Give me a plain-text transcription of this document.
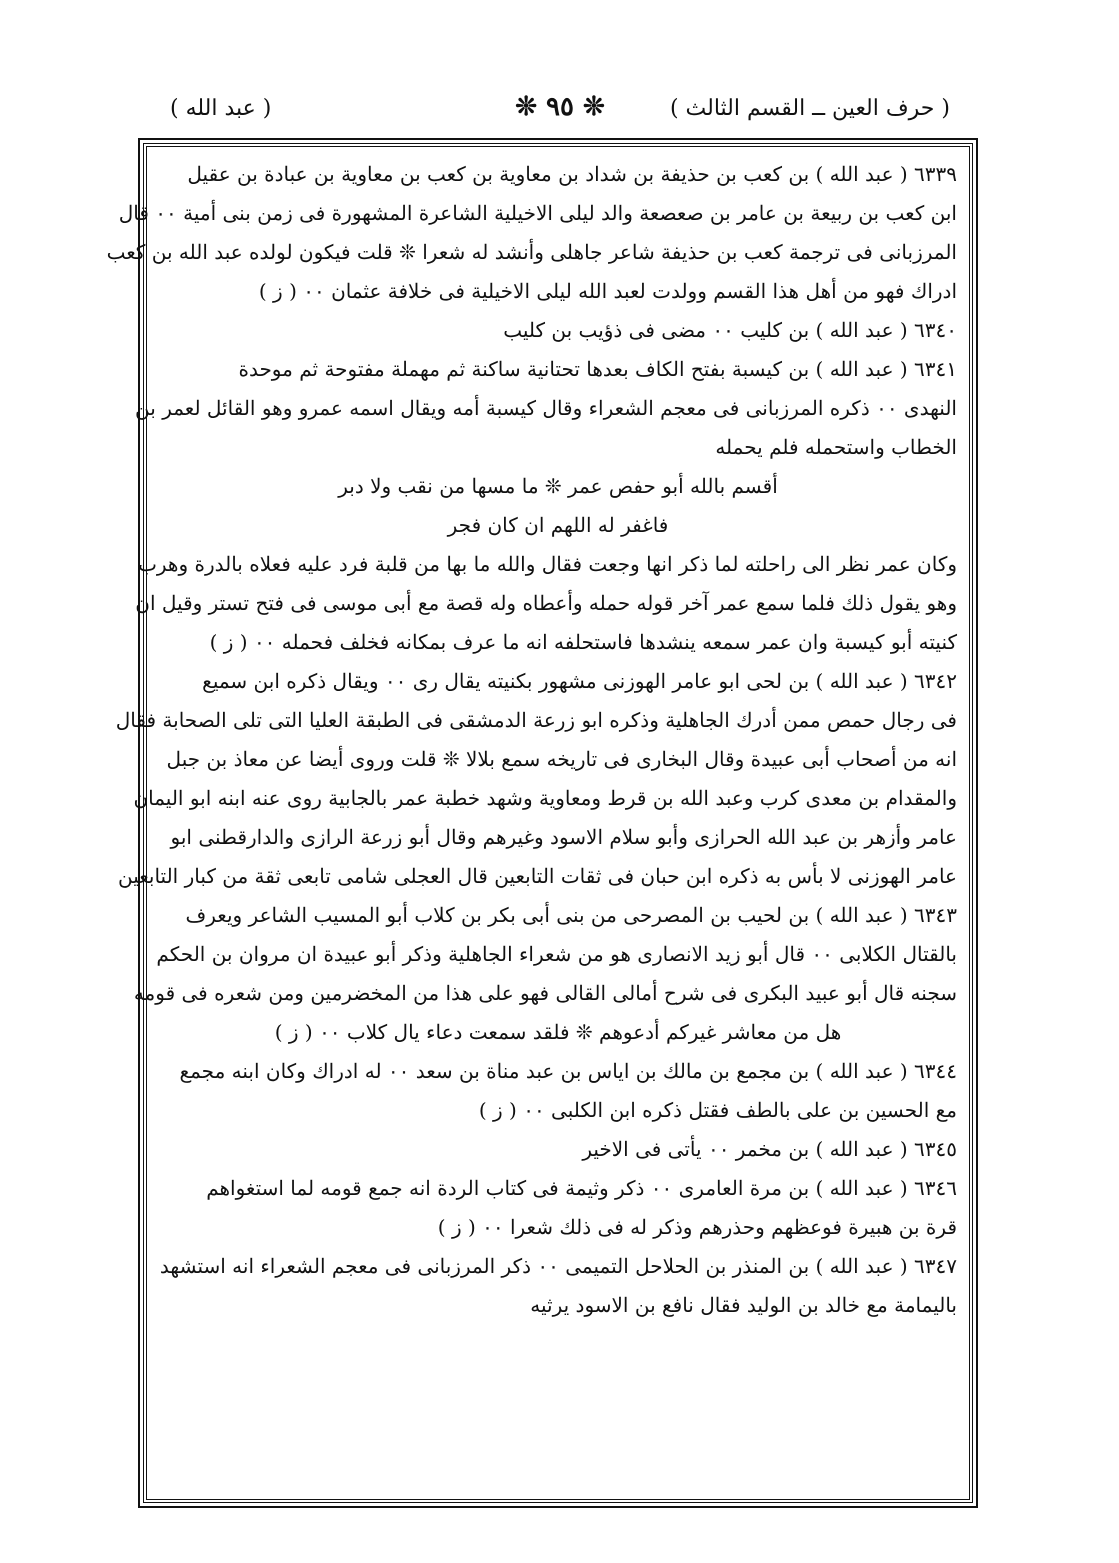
( حرف العين ــ القسم الثالث )
❊ ٩٥ ❊
( عبد الله )
٦٣٣٩ ( عبد الله ) بن كعب بن حذيفة بن شداد بن معاوية بن كعب بن معاوية بن عبادة بن عقيل
ابن كعب بن ربيعة بن عامر بن صعصعة والد ليلى الاخيلية الشاعرة المشهورة فى زمن بنى أمية ٠٠ قال
المرزبانى فى ترجمة كعب بن حذيفة شاعر جاهلى وأنشد له شعرا ❊ قلت فيكون لولده عبد الله بن كعب
ادراك فهو من أهل هذا القسم وولدت لعبد الله ليلى الاخيلية فى خلافة عثمان ٠٠ ( ز )
٦٣٤٠ ( عبد الله ) بن كليب ٠٠ مضى فى ذؤيب بن كليب
٦٣٤١ ( عبد الله ) بن كيسبة بفتح الكاف بعدها تحتانية ساكنة ثم مهملة مفتوحة ثم موحدة
النهدى ٠٠ ذكره المرزبانى فى معجم الشعراء وقال كيسبة أمه ويقال اسمه عمرو وهو القائل لعمر بن
الخطاب واستحمله فلم يحمله
أقسم بالله أبو حفص عمر ❊ ما مسها من نقب ولا دبر
فاغفر له اللهم ان كان فجر
وكان عمر نظر الى راحلته لما ذكر انها وجعت فقال والله ما بها من قلبة فرد عليه فعلاه بالدرة وهرب
وهو يقول ذلك فلما سمع عمر آخر قوله حمله وأعطاه وله قصة مع أبى موسى فى فتح تستر وقيل ان
كنيته أبو كيسبة وان عمر سمعه ينشدها فاستحلفه انه ما عرف بمكانه فخلف فحمله ٠٠ ( ز )
٦٣٤٢ ( عبد الله ) بن لحى ابو عامر الهوزنى مشهور بكنيته يقال رى ٠٠ ويقال ذكره ابن سميع
فى رجال حمص ممن أدرك الجاهلية وذكره ابو زرعة الدمشقى فى الطبقة العليا التى تلى الصحابة فقال
انه من أصحاب أبى عبيدة وقال البخارى فى تاريخه سمع بلالا ❊ قلت وروى أيضا عن معاذ بن جبل
والمقدام بن معدى كرب وعبد الله بن قرط ومعاوية وشهد خطبة عمر بالجابية روى عنه ابنه ابو اليمان
عامر وأزهر بن عبد الله الحرازى وأبو سلام الاسود وغيرهم وقال أبو زرعة الرازى والدارقطنى ابو
عامر الهوزنى لا بأس به ذكره ابن حبان فى ثقات التابعين قال العجلى شامى تابعى ثقة من كبار التابعين
٦٣٤٣ ( عبد الله ) بن لحيب بن المصرحى من بنى أبى بكر بن كلاب أبو المسيب الشاعر ويعرف
بالقتال الكلابى ٠٠ قال أبو زيد الانصارى هو من شعراء الجاهلية وذكر أبو عبيدة ان مروان بن الحكم
سجنه قال أبو عبيد البكرى فى شرح أمالى القالى فهو على هذا من المخضرمين ومن شعره فى قومه
هل من معاشر غيركم أدعوهم ❊ فلقد سمعت دعاء يال كلاب ٠٠ ( ز )
٦٣٤٤ ( عبد الله ) بن مجمع بن مالك بن اياس بن عبد مناة بن سعد ٠٠ له ادراك وكان ابنه مجمع
مع الحسين بن على بالطف فقتل ذكره ابن الكلبى ٠٠ ( ز )
٦٣٤٥ ( عبد الله ) بن مخمر ٠٠ يأتى فى الاخير
٦٣٤٦ ( عبد الله ) بن مرة العامرى ٠٠ ذكر وثيمة فى كتاب الردة انه جمع قومه لما استغواهم
قرة بن هبيرة فوعظهم وحذرهم وذكر له فى ذلك شعرا ٠٠ ( ز )
٦٣٤٧ ( عبد الله ) بن المنذر بن الحلاحل التميمى ٠٠ ذكر المرزبانى فى معجم الشعراء انه استشهد
باليمامة مع خالد بن الوليد فقال نافع بن الاسود يرثيه
